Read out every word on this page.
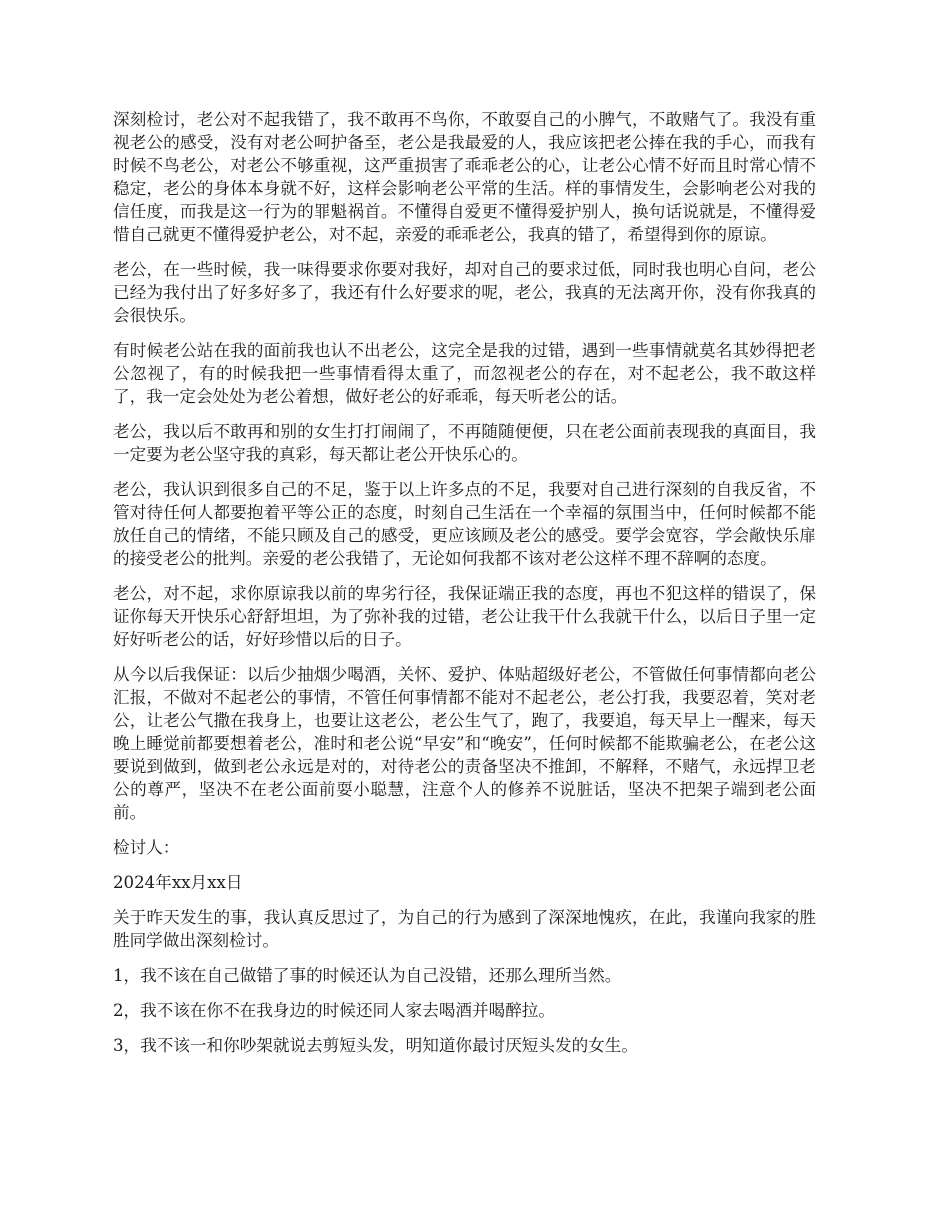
深刻检讨，老公对不起我错了，我不敢再不鸟你，不敢耍自己的小脾气，不敢赌气了。我没有重视老公的感受，没有对老公呵护备至，老公是我最爱的人，我应该把老公捧在我的手心，而我有时候不鸟老公，对老公不够重视，这严重损害了乖乖老公的心，让老公心情不好而且时常心情不稳定，老公的身体本身就不好，这样会影响老公平常的生活。样的事情发生，会影响老公对我的信任度，而我是这一行为的罪魁祸首。不懂得自爱更不懂得爱护别人，换句话说就是，不懂得爱惜自己就更不懂得爱护老公，对不起，亲爱的乖乖老公，我真的错了，希望得到你的原谅。

老公，在一些时候，我一味得要求你要对我好，却对自己的要求过低，同时我也明心自问，老公已经为我付出了好多好多了，我还有什么好要求的呢，老公，我真的无法离开你，没有你我真的会很快乐。

有时候老公站在我的面前我也认不出老公，这完全是我的过错，遇到一些事情就莫名其妙得把老公忽视了，有的时候我把一些事情看得太重了，而忽视老公的存在，对不起老公，我不敢这样了，我一定会处处为老公着想，做好老公的好乖乖，每天听老公的话。

老公，我以后不敢再和别的女生打打闹闹了，不再随随便便，只在老公面前表现我的真面目，我一定要为老公坚守我的真彩，每天都让老公开快乐心的。

老公，我认识到很多自己的不足，鉴于以上许多点的不足，我要对自己进行深刻的自我反省，不管对待任何人都要抱着平等公正的态度，时刻自己生活在一个幸福的氛围当中，任何时候都不能放任自己的情绪，不能只顾及自己的感受，更应该顾及老公的感受。要学会宽容，学会敞快乐扉的接受老公的批判。亲爱的老公我错了，无论如何我都不该对老公这样不理不辞啊的态度。

老公，对不起，求你原谅我以前的卑劣行径，我保证端正我的态度，再也不犯这样的错误了，保证你每天开快乐心舒舒坦坦，为了弥补我的过错，老公让我干什么我就干什么，以后日子里一定好好听老公的话，好好珍惜以后的日子。

从今以后我保证：以后少抽烟少喝酒，关怀、爱护、体贴超级好老公，不管做任何事情都向老公汇报，不做对不起老公的事情，不管任何事情都不能对不起老公，老公打我，我要忍着，笑对老公，让老公气撒在我身上，也要让这老公，老公生气了，跑了，我要追，每天早上一醒来，每天晚上睡觉前都要想着老公，准时和老公说“早安”和“晚安”，任何时候都不能欺骗老公，在老公这要说到做到，做到老公永远是对的，对待老公的责备坚决不推卸，不解释，不赌气，永远捍卫老公的尊严，坚决不在老公面前耍小聪慧，注意个人的修养不说脏话，坚决不把架子端到老公面前。

检讨人：

2024年xx月xx日

关于昨天发生的事，我认真反思过了，为自己的行为感到了深深地愧疚，在此，我谨向我家的胜胜同学做出深刻检讨。

1，我不该在自己做错了事的时候还认为自己没错，还那么理所当然。

2，我不该在你不在我身边的时候还同人家去喝酒并喝醉拉。

3，我不该一和你吵架就说去剪短头发，明知道你最讨厌短头发的女生。
